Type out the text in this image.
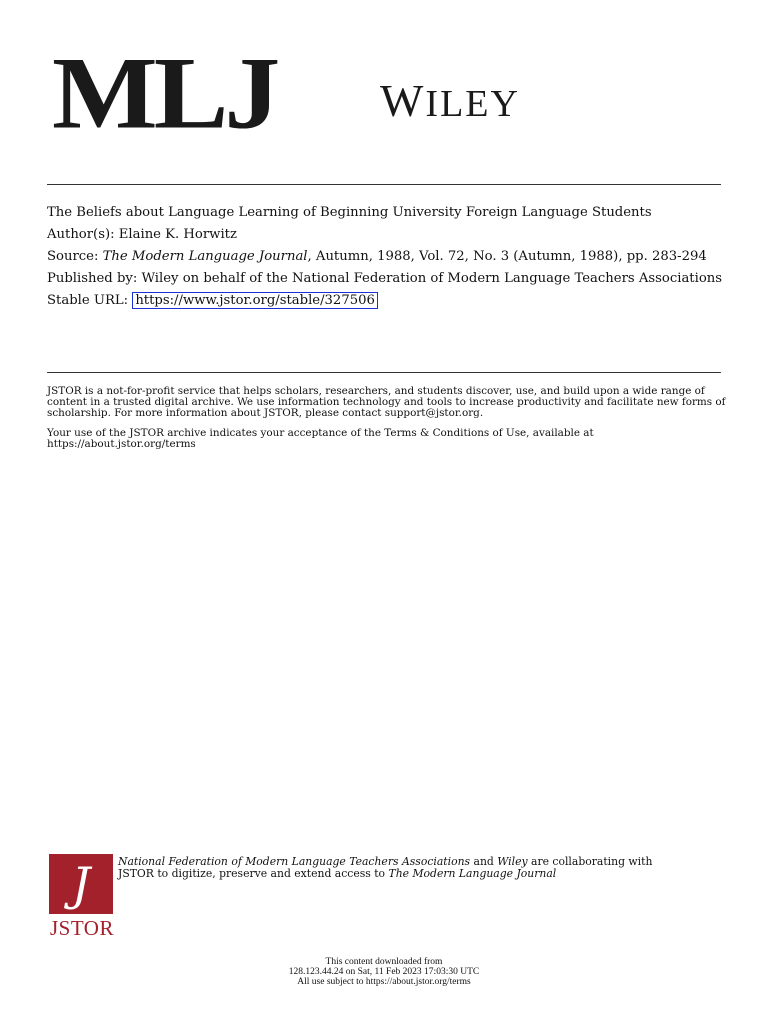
MLJ WILEY

The Beliefs about Language Learning of Beginning University Foreign Language Students

Author(s): Elaine K. Horwitz

Source: The Modern Language Journal, Autumn, 1988, Vol. 72, No. 3 (Autumn, 1988), pp. 283-294

Published by: Wiley on behalf of the National Federation of Modern Language Teachers Associations

Stable URL: https://www.jstor.org/stable/327506

JSTOR is a not-for-profit service that helps scholars, researchers, and students discover, use, and build upon a wide range of content in a trusted digital archive. We use information technology and tools to increase productivity and facilitate new forms of scholarship. For more information about JSTOR, please contact support@jstor.org.

Your use of the JSTOR archive indicates your acceptance of the Terms & Conditions of Use, available at https://about.jstor.org/terms

J
JSTOR

National Federation of Modern Language Teachers Associations and Wiley are collaborating with

JSTOR to digitize, preserve and extend access to The Modern Language Journal

This content downloaded from

128.123.44.24 on Sat, 11 Feb 2023 17:03:30 UTC

All use subject to https://about.jstor.org/terms
